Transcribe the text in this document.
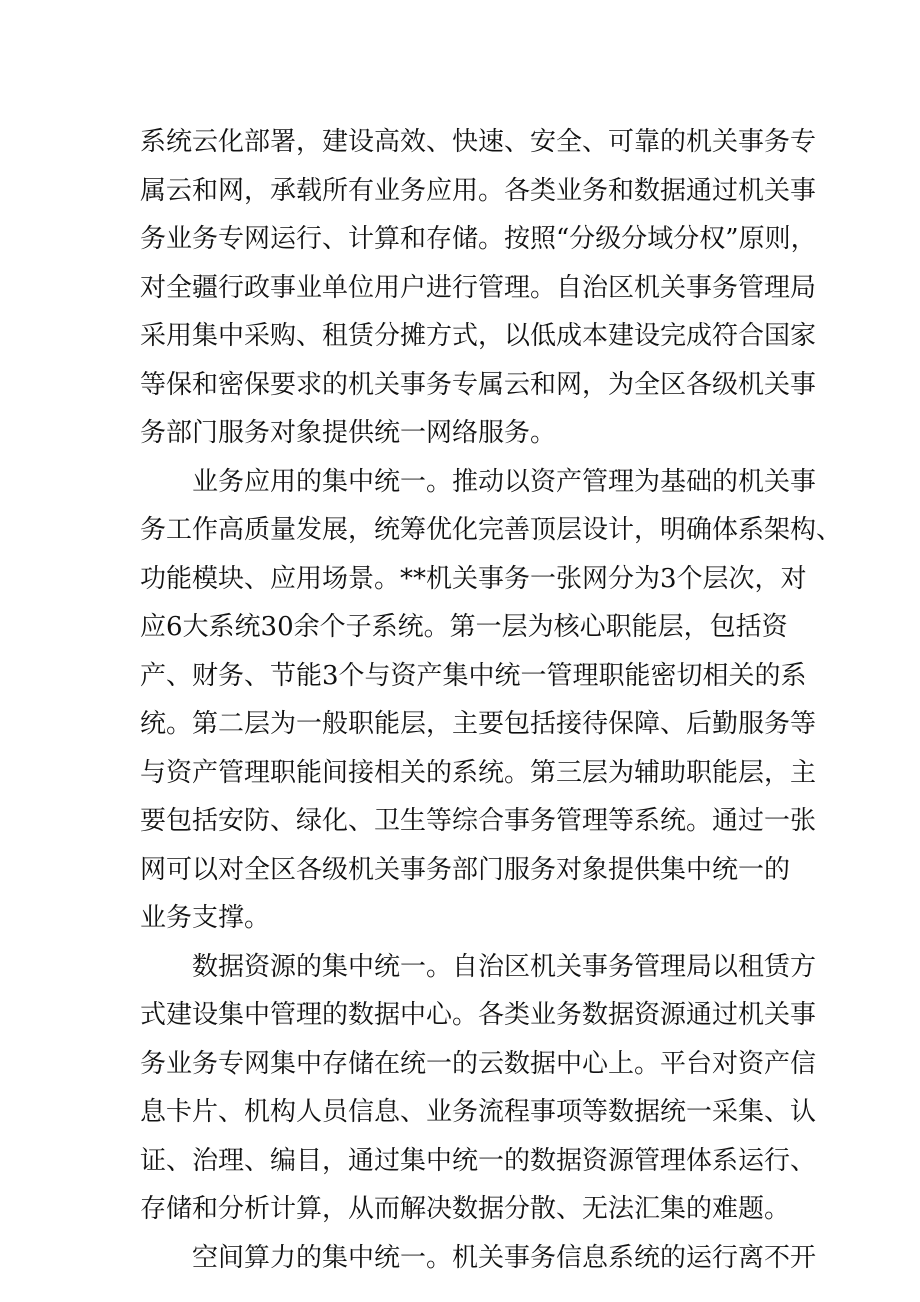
系统云化部署，建设高效、快速、安全、可靠的机关事务专
属云和网，承载所有业务应用。各类业务和数据通过机关事
务业务专网运行、计算和存储。按照“分级分域分权”原则，
对全疆行政事业单位用户进行管理。自治区机关事务管理局
采用集中采购、租赁分摊方式，以低成本建设完成符合国家
等保和密保要求的机关事务专属云和网，为全区各级机关事
务部门服务对象提供统一网络服务。
业务应用的集中统一。推动以资产管理为基础的机关事
务工作高质量发展，统筹优化完善顶层设计，明确体系架构、
功能模块、应用场景。**机关事务一张网分为3个层次，对
应6大系统30余个子系统。第一层为核心职能层，包括资
产、财务、节能3个与资产集中统一管理职能密切相关的系
统。第二层为一般职能层，主要包括接待保障、后勤服务等
与资产管理职能间接相关的系统。第三层为辅助职能层，主
要包括安防、绿化、卫生等综合事务管理等系统。通过一张
网可以对全区各级机关事务部门服务对象提供集中统一的
业务支撑。
数据资源的集中统一。自治区机关事务管理局以租赁方
式建设集中管理的数据中心。各类业务数据资源通过机关事
务业务专网集中存储在统一的云数据中心上。平台对资产信
息卡片、机构人员信息、业务流程事项等数据统一采集、认
证、治理、编目，通过集中统一的数据资源管理体系运行、
存储和分析计算，从而解决数据分散、无法汇集的难题。
空间算力的集中统一。机关事务信息系统的运行离不开
